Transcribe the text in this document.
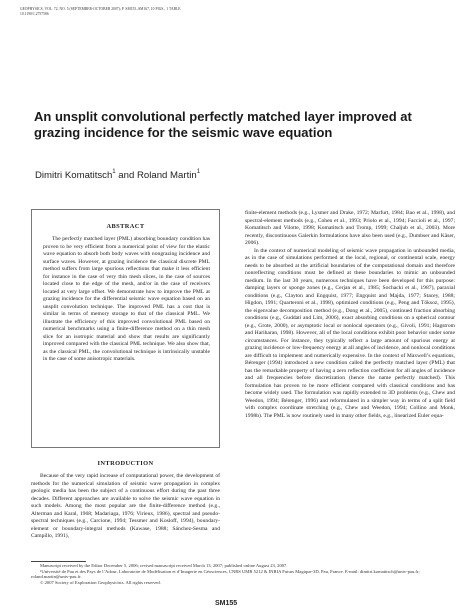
GEOPHYSICS, VOL. 72, NO. 5 (SEPTEMBER-OCTOBER 2007); P. SM155–SM167, 10 FIGS., 1 TABLE.
10.1190/1.2757586
An unsplit convolutional perfectly matched layer improved at grazing incidence for the seismic wave equation
Dimitri Komatitsch$^1$ and Roland Martin$^1$
ABSTRACT
The perfectly matched layer (PML) absorbing boundary condition has proven to be very efficient from a numerical point of view for the elastic wave equation to absorb both body waves with nongrazing incidence and surface waves. However, at grazing incidence the classical discrete PML method suffers from large spurious reflections that make it less efficient for instance in the case of very thin mesh slices, in the case of sources located close to the edge of the mesh, and/or in the case of receivers located at very large offset. We demonstrate how to improve the PML at grazing incidence for the differential seismic wave equation based on an unsplit convolution technique. The improved PML has a cost that is similar in terms of memory storage to that of the classical PML. We illustrate the efficiency of this improved convolutional PML based on numerical benchmarks using a finite-difference method on a thin mesh slice for an isotropic material and show that results are significantly improved compared with the classical PML technique. We also show that, as the classical PML, the convolutional technique is intrinsically unstable in the case of some anisotropic materials.
INTRODUCTION
Because of the very rapid increase of computational power, the development of methods for the numerical simulation of seismic wave propagation in complex geologic media has been the subject of a continuous effort during the past three decades. Different approaches are available to solve the seismic wave equation in such models. Among the most popular are the finite-difference method (e.g., Alterman and Karal, 1968; Madariaga, 1976; Virieux, 1986), spectral and pseudo-spectral techniques (e.g., Carcione, 1994; Tessmer and Kosloff, 1994), boundary-element or boundary-integral methods (Kawase, 1988; Sánchez-Sesma and Campillo, 1991),

Manuscript received by the Editor December 5, 2006; revised manuscript received March 13, 2007; published online August 23, 2007.

¹Université de Pau et des Pays de l’Adour, Laboratoire de Modélisation et d’Imagerie en Géosciences, CNRS UMR 5212 & INRIA Futurs Magique-3D, Pau, France. E-mail: dimitri.komatitsch@univ-pau.fr; roland.martin@univ-pau.fr.

© 2007 Society of Exploration Geophysicists. All rights reserved.

finite-element methods (e.g., Lysmer and Drake, 1972; Marfurt, 1984; Bao et al., 1998), and spectral-element methods (e.g., Cohen et al., 1993; Priolo et al., 1994; Faccioli et al., 1997; Komatitsch and Vilotte, 1998; Komatitsch and Tromp, 1999; Chaljub et al., 2003). More recently, discontinuous Galerkin formulations have also been used (e.g., Dumbser and Käser, 2006).

In the context of numerical modeling of seismic wave propagation in unbounded media, as in the case of simulations performed at the local, regional, or continental scale, energy needs to be absorbed at the artificial boundaries of the computational domain and therefore nonreflecting conditions must be defined at these boundaries to mimic an unbounded medium. In the last 30 years, numerous techniques have been developed for this purpose: damping layers or sponge zones (e.g., Cerjan et al., 1985; Sochacki et al., 1987), paraxial conditions (e.g., Clayton and Engquist, 1977; Engquist and Majda, 1977; Stacey, 1988; Higdon, 1991; Quarteroni et al., 1998), optimized conditions (e.g., Peng and Töksoz, 1995), the eigenvalue decomposition method (e.g., Dong et al., 2005), continued fraction absorbing conditions (e.g., Guddati and Lim, 2006), exact absorbing conditions on a spherical contour (e.g., Grote, 2000), or asymptotic local or nonlocal operators (e.g., Givoli, 1991; Hagstrom and Hariharan, 1998). However, all of the local conditions exhibit poor behavior under some circumstances. For instance, they typically reflect a large amount of spurious energy at grazing incidence or low-frequency energy at all angles of incidence, and nonlocal conditions are difficult to implement and numerically expensive. In the context of Maxwell’s equations, Bérenger (1994) introduced a new condition called the perfectly matched layer (PML) that has the remarkable property of having a zero reflection coefficient for all angles of incidence and all frequencies before discretization (hence the name perfectly matched). This formulation has proven to be more efficient compared with classical conditions and has become widely used. The formulation was rapidly extended to 3D problems (e.g., Chew and Weedon, 1994; Bérenger, 1996) and reformulated in a simpler way in terms of a split field with complex coordinate stretching (e.g., Chew and Weedon, 1994; Collino and Monk, 1998b). The PML is now routinely used in many other fields, e.g., linearized Euler equa-

SM155
